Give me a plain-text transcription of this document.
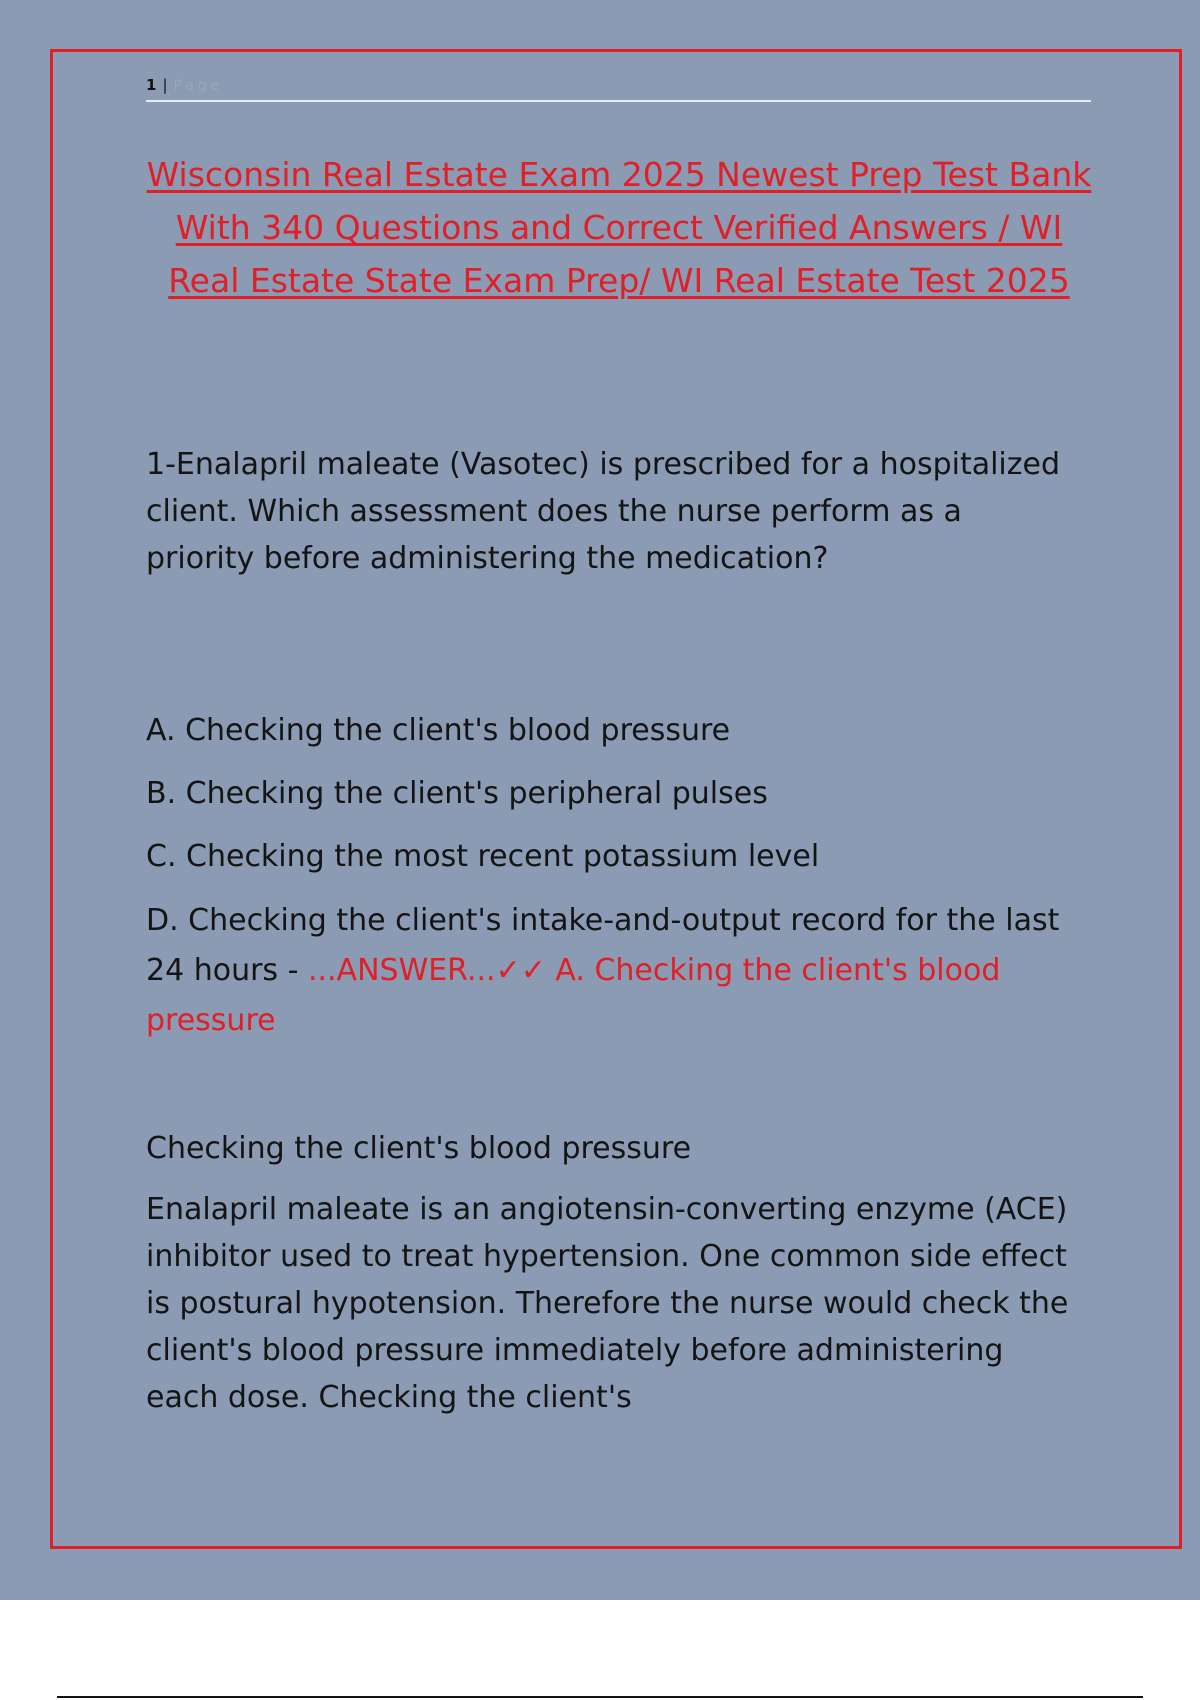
1 | Page
Wisconsin Real Estate Exam 2025 Newest Prep Test Bank With 340 Questions and Correct Verified Answers / WI Real Estate State Exam Prep/ WI Real Estate Test 2025
1-Enalapril maleate (Vasotec) is prescribed for a hospitalized client. Which assessment does the nurse perform as a priority before administering the medication?
A. Checking the client's blood pressure
B. Checking the client's peripheral pulses
C. Checking the most recent potassium level
D. Checking the client's intake-and-output record for the last 24 hours - ...ANSWER...✓✓ A. Checking the client's blood pressure
Checking the client's blood pressure
Enalapril maleate is an angiotensin-converting enzyme (ACE) inhibitor used to treat hypertension. One common side effect is postural hypotension. Therefore the nurse would check the client's blood pressure immediately before administering each dose. Checking the client's
